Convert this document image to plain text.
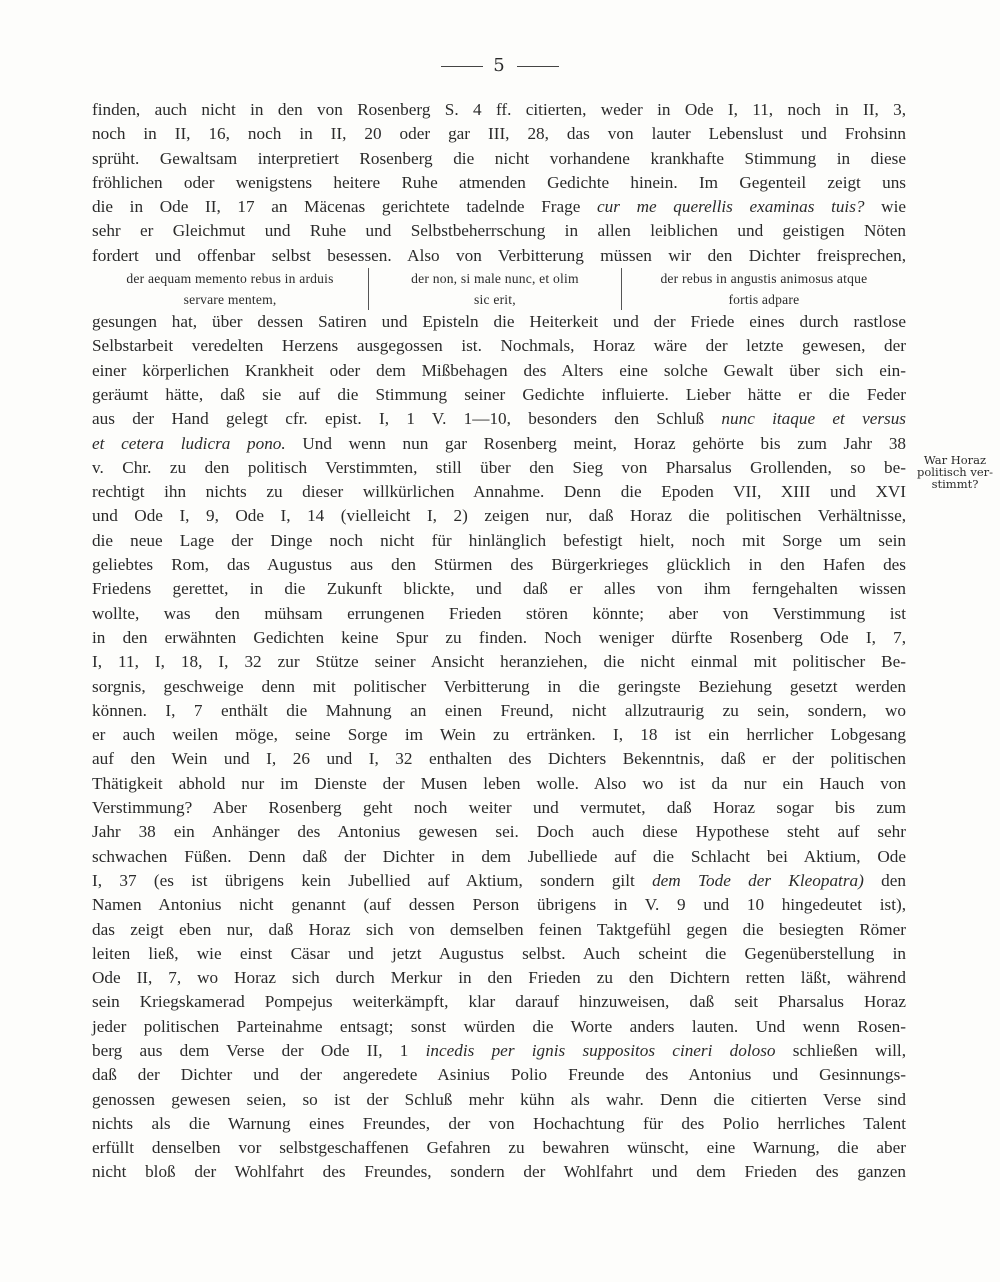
5
finden, auch nicht in den von Rosenberg S. 4 ff. citierten, weder in Ode I, 11, noch in II, 3,
noch in II, 16, noch in II, 20 oder gar III, 28, das von lauter Lebenslust und Frohsinn
sprüht. Gewaltsam interpretiert Rosenberg die nicht vorhandene krankhafte Stimmung in diese
fröhlichen oder wenigstens heitere Ruhe atmenden Gedichte hinein. Im Gegenteil zeigt uns
die in Ode II, 17 an Mäcenas gerichtete tadelnde Frage cur me querellis examinas tuis? wie
sehr er Gleichmut und Ruhe und Selbstbeherrschung in allen leiblichen und geistigen Nöten
fordert und offenbar selbst besessen. Also von Verbitterung müssen wir den Dichter freisprechen,
der aequam memento rebus in arduis
servare mentem,
der non, si male nunc, et olim
sic erit,
der rebus in angustis animosus atque
fortis adpare
gesungen hat, über dessen Satiren und Episteln die Heiterkeit und der Friede eines durch rastlose
Selbstarbeit veredelten Herzens ausgegossen ist. Nochmals, Horaz wäre der letzte gewesen, der
einer körperlichen Krankheit oder dem Mißbehagen des Alters eine solche Gewalt über sich ein-
geräumt hätte, daß sie auf die Stimmung seiner Gedichte influierte. Lieber hätte er die Feder
aus der Hand gelegt cfr. epist. I, 1 V. 1—10, besonders den Schluß nunc itaque et versus
et cetera ludicra pono. Und wenn nun gar Rosenberg meint, Horaz gehörte bis zum Jahr 38
v. Chr. zu den politisch Verstimmten, still über den Sieg von Pharsalus Grollenden, so be-
rechtigt ihn nichts zu dieser willkürlichen Annahme. Denn die Epoden VII, XIII und XVI
und Ode I, 9, Ode I, 14 (vielleicht I, 2) zeigen nur, daß Horaz die politischen Verhältnisse,
die neue Lage der Dinge noch nicht für hinlänglich befestigt hielt, noch mit Sorge um sein
geliebtes Rom, das Augustus aus den Stürmen des Bürgerkrieges glücklich in den Hafen des
Friedens gerettet, in die Zukunft blickte, und daß er alles von ihm ferngehalten wissen
wollte, was den mühsam errungenen Frieden stören könnte; aber von Verstimmung ist
in den erwähnten Gedichten keine Spur zu finden. Noch weniger dürfte Rosenberg Ode I, 7,
I, 11, I, 18, I, 32 zur Stütze seiner Ansicht heranziehen, die nicht einmal mit politischer Be-
sorgnis, geschweige denn mit politischer Verbitterung in die geringste Beziehung gesetzt werden
können. I, 7 enthält die Mahnung an einen Freund, nicht allzutraurig zu sein, sondern, wo
er auch weilen möge, seine Sorge im Wein zu ertränken. I, 18 ist ein herrlicher Lobgesang
auf den Wein und I, 26 und I, 32 enthalten des Dichters Bekenntnis, daß er der politischen
Thätigkeit abhold nur im Dienste der Musen leben wolle. Also wo ist da nur ein Hauch von
Verstimmung? Aber Rosenberg geht noch weiter und vermutet, daß Horaz sogar bis zum
Jahr 38 ein Anhänger des Antonius gewesen sei. Doch auch diese Hypothese steht auf sehr
schwachen Füßen. Denn daß der Dichter in dem Jubelliede auf die Schlacht bei Aktium, Ode
I, 37 (es ist übrigens kein Jubellied auf Aktium, sondern gilt dem Tode der Kleopatra) den
Namen Antonius nicht genannt (auf dessen Person übrigens in V. 9 und 10 hingedeutet ist),
das zeigt eben nur, daß Horaz sich von demselben feinen Taktgefühl gegen die besiegten Römer
leiten ließ, wie einst Cäsar und jetzt Augustus selbst. Auch scheint die Gegenüberstellung in
Ode II, 7, wo Horaz sich durch Merkur in den Frieden zu den Dichtern retten läßt, während
sein Kriegskamerad Pompejus weiterkämpft, klar darauf hinzuweisen, daß seit Pharsalus Horaz
jeder politischen Parteinahme entsagt; sonst würden die Worte anders lauten. Und wenn Rosen-
berg aus dem Verse der Ode II, 1 incedis per ignis suppositos cineri doloso schließen will,
daß der Dichter und der angeredete Asinius Polio Freunde des Antonius und Gesinnungs-
genossen gewesen seien, so ist der Schluß mehr kühn als wahr. Denn die citierten Verse sind
nichts als die Warnung eines Freundes, der von Hochachtung für des Polio herrliches Talent
erfüllt denselben vor selbstgeschaffenen Gefahren zu bewahren wünscht, eine Warnung, die aber
nicht bloß der Wohlfahrt des Freundes, sondern der Wohlfahrt und dem Frieden des ganzen
War Horaz
politisch ver-
stimmt?
